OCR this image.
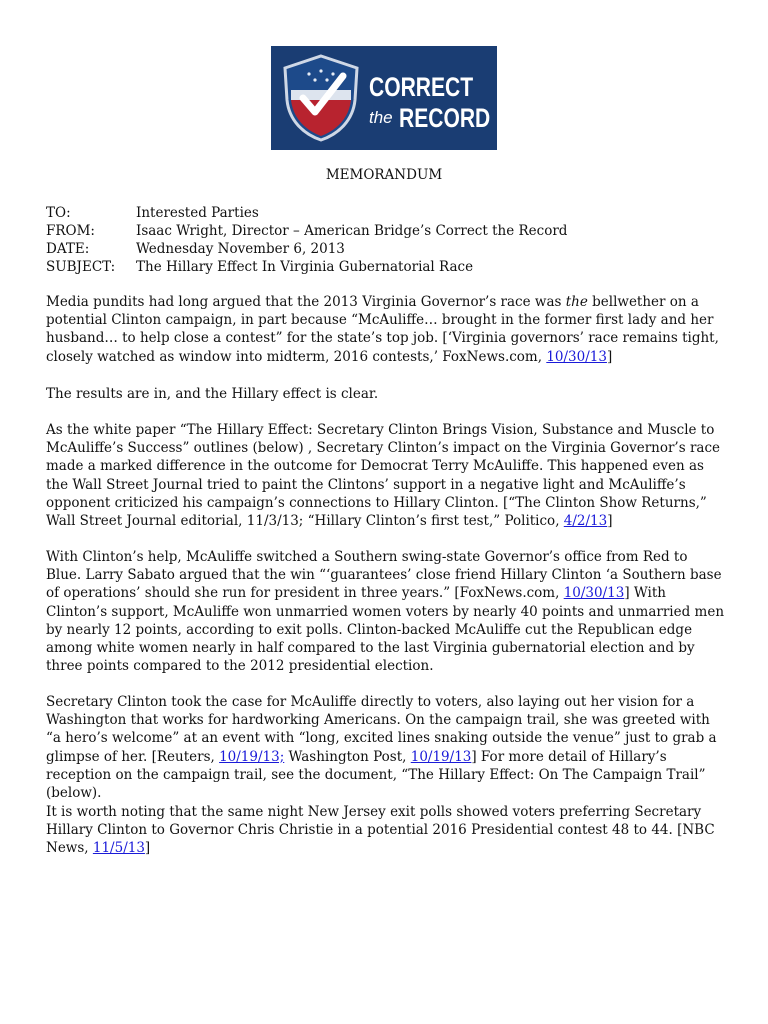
CORRECT
the RECORD
MEMORANDUM
TO:	Interested Parties
FROM:	Isaac Wright, Director – American Bridge’s Correct the Record
DATE:	Wednesday November 6, 2013
SUBJECT: The Hillary Effect In Virginia Gubernatorial Race

Media pundits had long argued that the 2013 Virginia Governor’s race was the bellwether on a potential Clinton campaign, in part because “McAuliffe… brought in the former first lady and her husband… to help close a contest” for the state’s top job. [‘Virginia governors’ race remains tight, closely watched as window into midterm, 2016 contests,’ FoxNews.com, 10/30/13]

The results are in, and the Hillary effect is clear.

As the white paper “The Hillary Effect: Secretary Clinton Brings Vision, Substance and Muscle to McAuliffe’s Success” outlines (below) , Secretary Clinton’s impact on the Virginia Governor’s race made a marked difference in the outcome for Democrat Terry McAuliffe. This happened even as the Wall Street Journal tried to paint the Clintons’ support in a negative light and McAuliffe’s opponent criticized his campaign’s connections to Hillary Clinton. [“The Clinton Show Returns,” Wall Street Journal editorial, 11/3/13; “Hillary Clinton’s first test,” Politico, 4/2/13]

With Clinton’s help, McAuliffe switched a Southern swing-state Governor’s office from Red to Blue. Larry Sabato argued that the win “‘guarantees’ close friend Hillary Clinton ‘a Southern base of operations’ should she run for president in three years.” [FoxNews.com, 10/30/13] With Clinton’s support, McAuliffe won unmarried women voters by nearly 40 points and unmarried men by nearly 12 points, according to exit polls. Clinton-backed McAuliffe cut the Republican edge among white women nearly in half compared to the last Virginia gubernatorial election and by three points compared to the 2012 presidential election.

Secretary Clinton took the case for McAuliffe directly to voters, also laying out her vision for a Washington that works for hardworking Americans. On the campaign trail, she was greeted with “a hero’s welcome” at an event with “long, excited lines snaking outside the venue” just to grab a glimpse of her. [Reuters, 10/19/13; Washington Post, 10/19/13] For more detail of Hillary’s reception on the campaign trail, see the document, “The Hillary Effect: On The Campaign Trail” (below).

It is worth noting that the same night New Jersey exit polls showed voters preferring Secretary Hillary Clinton to Governor Chris Christie in a potential 2016 Presidential contest 48 to 44. [NBC News, 11/5/13]
